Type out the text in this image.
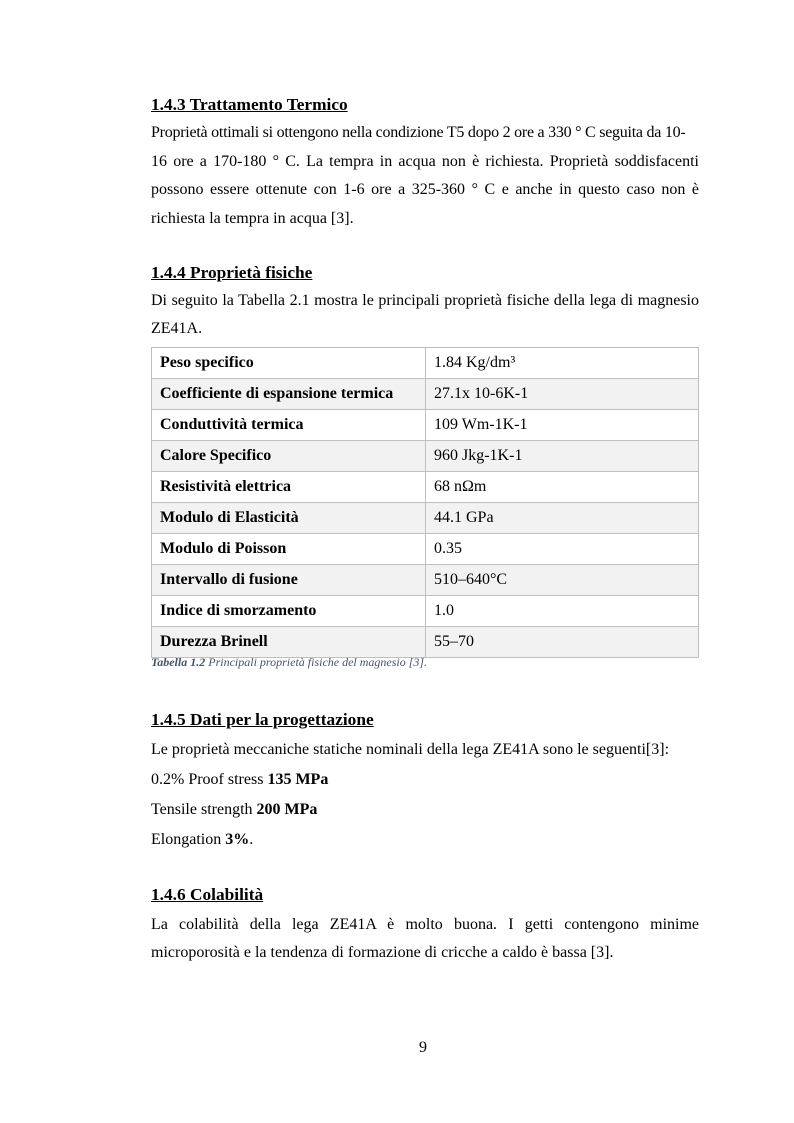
1.4.3 Trattamento Termico
Proprietà ottimali si ottengono nella condizione T5 dopo 2 ore a 330 ° C seguita da 10-
16 ore a 170-180 ° C. La tempra in acqua non è richiesta. Proprietà soddisfacenti
possono essere ottenute con 1-6 ore a 325-360 ° C e anche in questo caso non è
richiesta la tempra in acqua [3].
1.4.4 Proprietà fisiche
Di seguito la Tabella 2.1 mostra le principali proprietà fisiche della lega di magnesio
ZE41A.
Peso specifico	1.84 Kg/dm³
Coefficiente di espansione termica	27.1x 10-6K-1
Conduttività termica	109 Wm-1K-1
Calore Specifico	960 Jkg-1K-1
Resistività elettrica	68 nΩm
Modulo di Elasticità	44.1 GPa
Modulo di Poisson	0.35
Intervallo di fusione	510–640°C
Indice di smorzamento	1.0
Durezza Brinell	55–70
Tabella 1.2 Principali proprietà fisiche del magnesio [3].
1.4.5 Dati per la progettazione
Le proprietà meccaniche statiche nominali della lega ZE41A sono le seguenti[3]:
0.2% Proof stress 135 MPa
Tensile strength 200 MPa
Elongation 3%.
1.4.6 Colabilità
La colabilità della lega ZE41A è molto buona. I getti contengono minime
microporosità e la tendenza di formazione di cricche a caldo è bassa [3].
9
